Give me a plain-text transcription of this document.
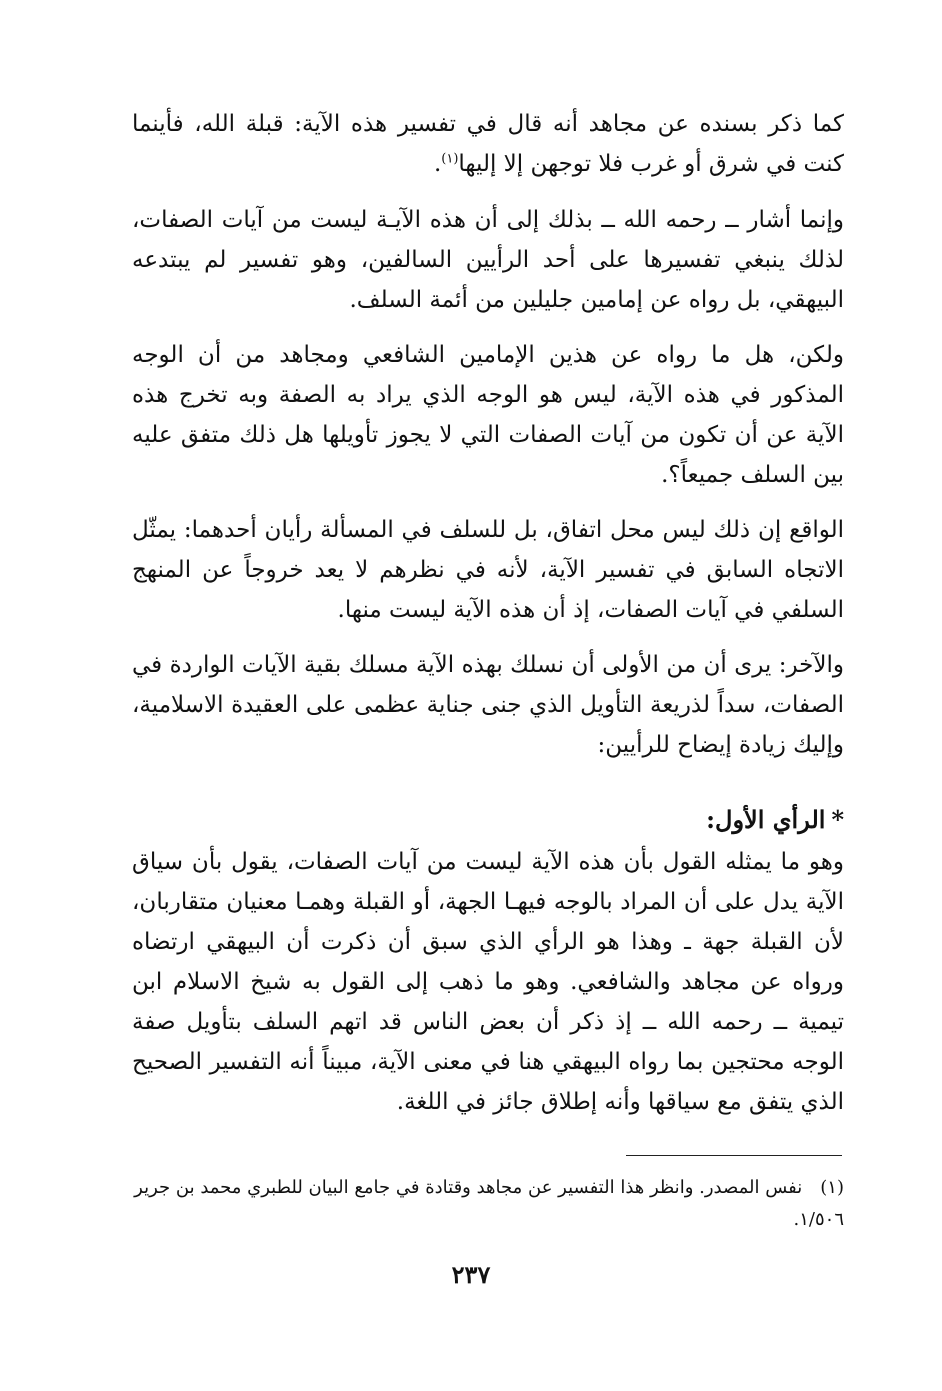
كما ذكر بسنده عن مجاهد أنه قال في تفسير هذه الآية: قبلة الله، فأينما كنت في شرق أو غرب فلا توجهن إلا إليها$^{(١)}$.

وإنما أشار ــ رحمه الله ــ بذلك إلى أن هذه الآيـة ليست من آيات الصفات، لذلك ينبغي تفسيرها على أحد الرأيين السالفين، وهو تفسير لم يبتدعه البيهقي، بل رواه عن إمامين جليلين من أئمة السلف.

ولكن، هل ما رواه عن هذين الإمامين الشافعي ومجاهد من أن الوجه المذكور في هذه الآية، ليس هو الوجه الذي يراد به الصفة وبه تخرج هذه الآية عن أن تكون من آيات الصفات التي لا يجوز تأويلها هل ذلك متفق عليه بين السلف جميعاً؟.

الواقع إن ذلك ليس محل اتفاق، بل للسلف في المسألة رأيان أحدهما: يمثّل الاتجاه السابق في تفسير الآية، لأنه في نظرهم لا يعد خروجاً عن المنهج السلفي في آيات الصفات، إذ أن هذه الآية ليست منها.

والآخر: يرى أن من الأولى أن نسلك بهذه الآية مسلك بقية الآيات الواردة في الصفات، سداً لذريعة التأويل الذي جنى جناية عظمى على العقيدة الاسلامية، وإليك زيادة إيضاح للرأيين:

*الرأي الأول:

وهو ما يمثله القول بأن هذه الآية ليست من آيات الصفات، يقول بأن سياق الآية يدل على أن المراد بالوجه فيهـا الجهة، أو القبلة وهمـا معنيان متقاربان، لأن القبلة جهة ـ وهذا هو الرأي الذي سبق أن ذكرت أن البيهقي ارتضاه ورواه عن مجاهد والشافعي. وهو ما ذهب إلى القول به شيخ الاسلام ابن تيمية ــ رحمه الله ــ إذ ذكر أن بعض الناس قد اتهم السلف بتأويل صفة الوجه محتجين بما رواه البيهقي هنا في معنى الآية، مبيناً أنه التفسير الصحيح الذي يتفق مع سياقها وأنه إطلاق جائز في اللغة.

(١)نفس المصدر. وانظر هذا التفسير عن مجاهد وقتادة في جامع البيان للطبري محمد بن جرير ١/٥٠٦.

٢٣٧
